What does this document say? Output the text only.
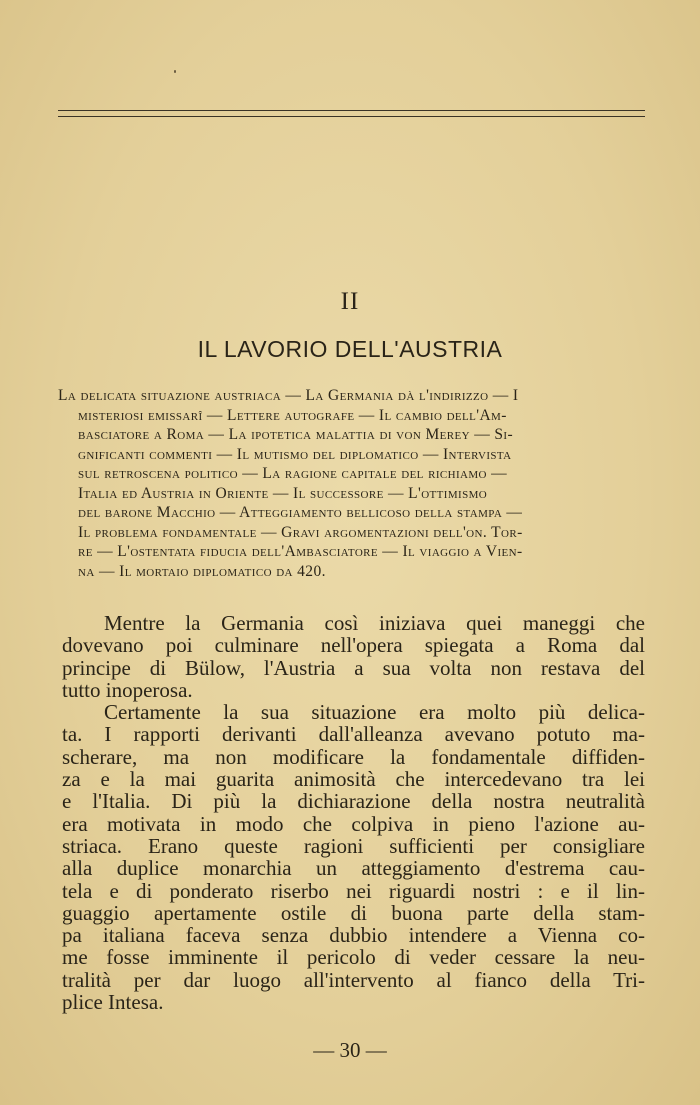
II
IL LAVORIO DELL'AUSTRIA
La delicata situazione austriaca — La Germania dà l'indirizzo — I
misteriosi emissarî — Lettere autografe — Il cambio dell'Am-
basciatore a Roma — La ipotetica malattia di von Merey — Si-
gnificanti commenti — Il mutismo del diplomatico — Intervista
sul retroscena politico — La ragione capitale del richiamo —
Italia ed Austria in Oriente — Il successore — L'ottimismo
del barone Macchio — Atteggiamento bellicoso della stampa —
Il problema fondamentale — Gravi argomentazioni dell'on. Tor-
re — L'ostentata fiducia dell'Ambasciatore — Il viaggio a Vien-
na — Il mortaio diplomatico da 420.
Mentre la Germania così iniziava quei maneggi che
dovevano poi culminare nell'opera spiegata a Roma dal
principe di Bülow, l'Austria a sua volta non restava del
tutto inoperosa.
Certamente la sua situazione era molto più delica-
ta. I rapporti derivanti dall'alleanza avevano potuto ma-
scherare, ma non modificare la fondamentale diffiden-
za e la mai guarita animosità che intercedevano tra lei
e l'Italia. Di più la dichiarazione della nostra neutralità
era motivata in modo che colpiva in pieno l'azione au-
striaca. Erano queste ragioni sufficienti per consigliare
alla duplice monarchia un atteggiamento d'estrema cau-
tela e di ponderato riserbo nei riguardi nostri : e il lin-
guaggio apertamente ostile di buona parte della stam-
pa italiana faceva senza dubbio intendere a Vienna co-
me fosse imminente il pericolo di veder cessare la neu-
tralità per dar luogo all'intervento al fianco della Tri-
plice Intesa.
— 30 —
